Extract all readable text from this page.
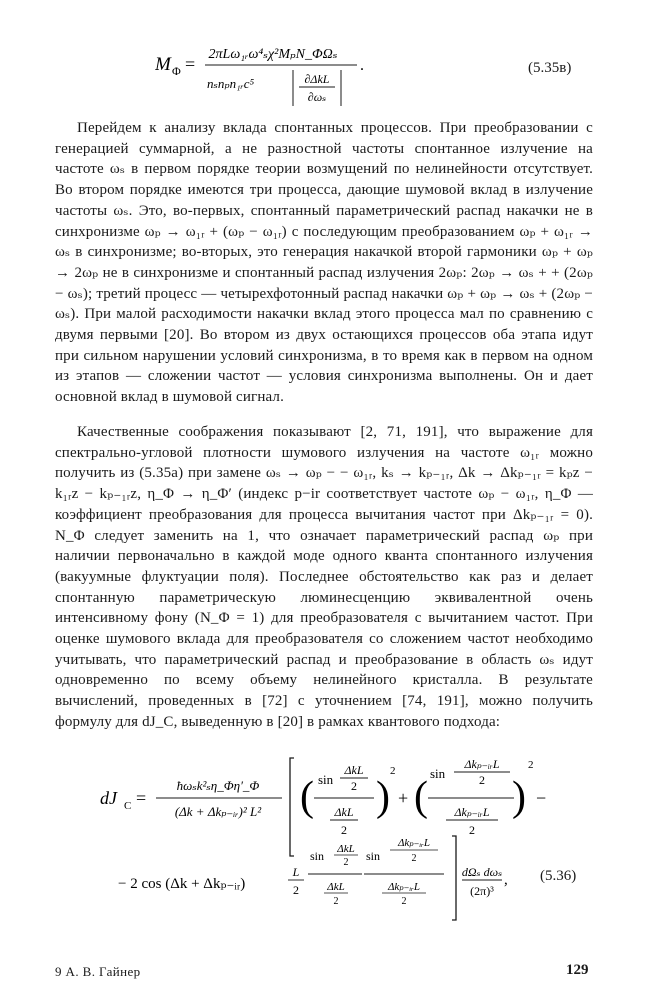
M Φ = 2πLω₁ᵣω⁴ₛχ²MₚN_ΦΩₛ
nₛnₚn₁ᵣc⁵	∂ΔkL
∂ωₛ
.	(5.35в)

Перейдем к анализу вклада спонтанных процессов. При преобразовании с генерацией суммарной, а не разностной частоты спонтанное излучение на частоте ωₛ в первом порядке теории возмущений по нелинейности отсутствует. Во втором порядке имеются три процесса, дающие шумовой вклад в излучение частоты ωₛ. Это, во-первых, спонтанный параметрический распад накачки не в синхронизме ωₚ → ω₁ᵣ + (ωₚ − ω₁ᵣ) с последующим преобразованием ωₚ + ω₁ᵣ → ωₛ в синхронизме; во-вторых, это генерация накачкой второй гармоники ωₚ + ωₚ → 2ωₚ не в синхронизме и спонтанный распад излучения 2ωₚ: 2ωₚ → ωₛ + + (2ωₚ − ωₛ); третий процесс — четырехфотонный распад накачки ωₚ + ωₚ → ωₛ + (2ωₚ − ωₛ). При малой расходимости накачки вклад этого процесса мал по сравнению с двумя первыми [20]. Во втором из двух остающихся процессов оба этапа идут при сильном нарушении условий синхронизма, в то время как в первом на одном из этапов — сложении частот — условия синхронизма выполнены. Он и дает основной вклад в шумовой сигнал.

Качественные соображения показывают [2, 71, 191], что выражение для спектрально-угловой плотности шумового излучения на частоте ω₁ᵣ можно получить из (5.35а) при замене ωₛ → ωₚ − − ω₁ᵣ, kₛ → kₚ₋₁ᵣ, Δk → Δkₚ₋₁ᵣ = kₚz − k₁ᵣz − kₚ₋₁ᵣz, η_Φ → η_Φ′ (индекс p−ir соответствует частоте ωₚ − ω₁ᵣ, η_Φ — коэффициент преобразования для процесса вычитания частот при Δkₚ₋₁ᵣ = 0). N_Φ следует заменить на 1, что означает параметрический распад ωₚ при наличии первоначально в каждой моде одного кванта спонтанного излучения (вакуумные флуктуации поля). Последнее обстоятельство как раз и делает спонтанную параметрическую люминесценцию эквивалентной очень интенсивному фону (N_Φ = 1) для преобразователя с вычитанием частот. При оценке шумового вклада для преобразователя со сложением частот необходимо учитывать, что параметрический распад и преобразование в область ωₛ идут одновременно по всему объему нелинейного кристалла. В результате вычислений, проведенных в [72] с уточнением [74, 191], можно получить формулу для dJ_C, выведенную в [20] в рамках квантового подхода:

dJ C =
ħωₛk²ₛη_Φη′_Φ
(Δk + Δkₚ₋ᵢᵣ)² L² ( sin
ΔkL
2
ΔkL
2
)
2
+ (
sin
Δkₚ₋ᵢᵣL
2
Δkₚ₋ᵢᵣL
2
)
2
−
− 2 cos (Δk + Δkₚ₋ᵢᵣ)
L
2
sin ΔkL
2
ΔkL
2
sin
Δkₚ₋ᵢᵣL
2
Δkₚ₋ᵢᵣL
2
dΩₛ dωₛ
(2π)³
, (5.36)
9 А. В. Гайнер	129
